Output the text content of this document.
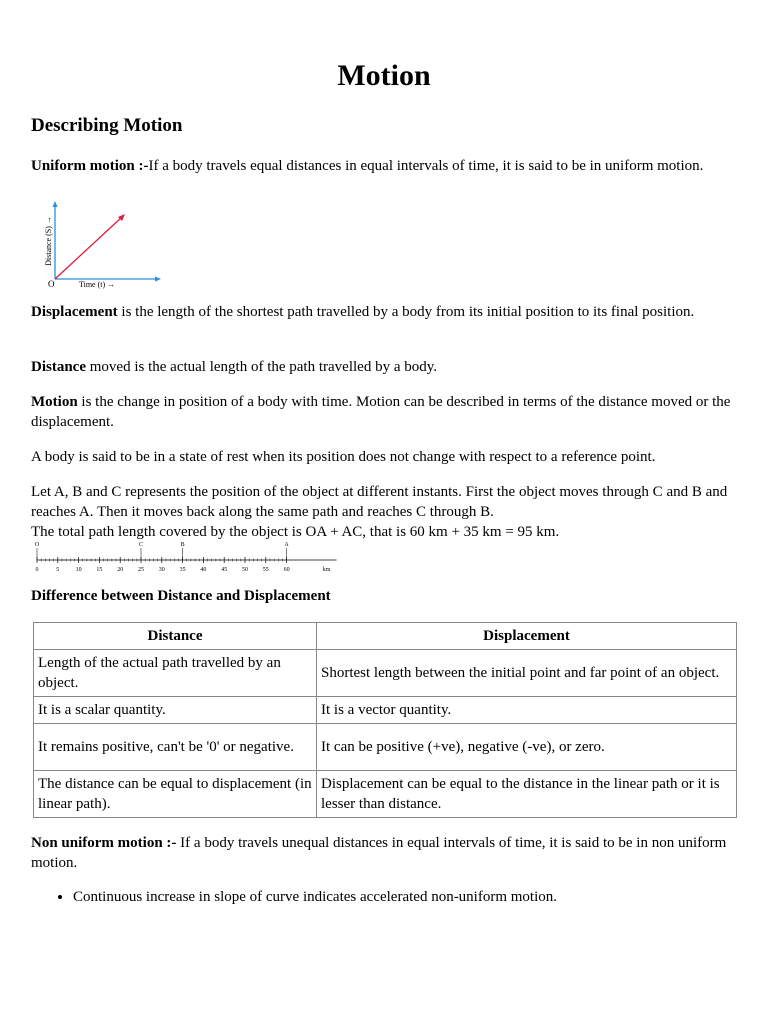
Motion
Describing Motion

Uniform motion :-If a body travels equal distances in equal intervals of time, it is said to be in uniform motion.

Distance (S) →
Time (t) →
O

Displacement is the length of the shortest path travelled by a body from its initial position to its final position.

Distance moved is the actual length of the path travelled by a body.

Motion is the change in position of a body with time. Motion can be described in terms of the distance moved or the displacement.

A body is said to be in a state of rest when its position does not change with respect to a reference point.

Let A, B and C represents the position of the object at different instants. First the object moves through C and B and reaches A. Then it moves back along the same path and reaches C through B.
The total path length covered by the object is OA + AC, that is 60 km + 35 km = 95 km.

0	5	10 15 20 25 30 35 40 45 50 55 60	km
O	C	B	A

Difference between Distance and Displacement

Distance	Displacement
Length of the actual path travelled by an object.	Shortest length between the initial point and far point of an object.
It is a scalar quantity.	It is a vector quantity.
It remains positive, can't be '0' or negative.	It can be positive (+ve), negative (-ve), or zero.
The distance can be equal to displacement (in linear path).	Displacement can be equal to the distance in the linear path or it is lesser than distance.

Non uniform motion :- If a body travels unequal distances in equal intervals of time, it is said to be in non uniform motion.

• Continuous increase in slope of curve indicates accelerated non-uniform motion.
